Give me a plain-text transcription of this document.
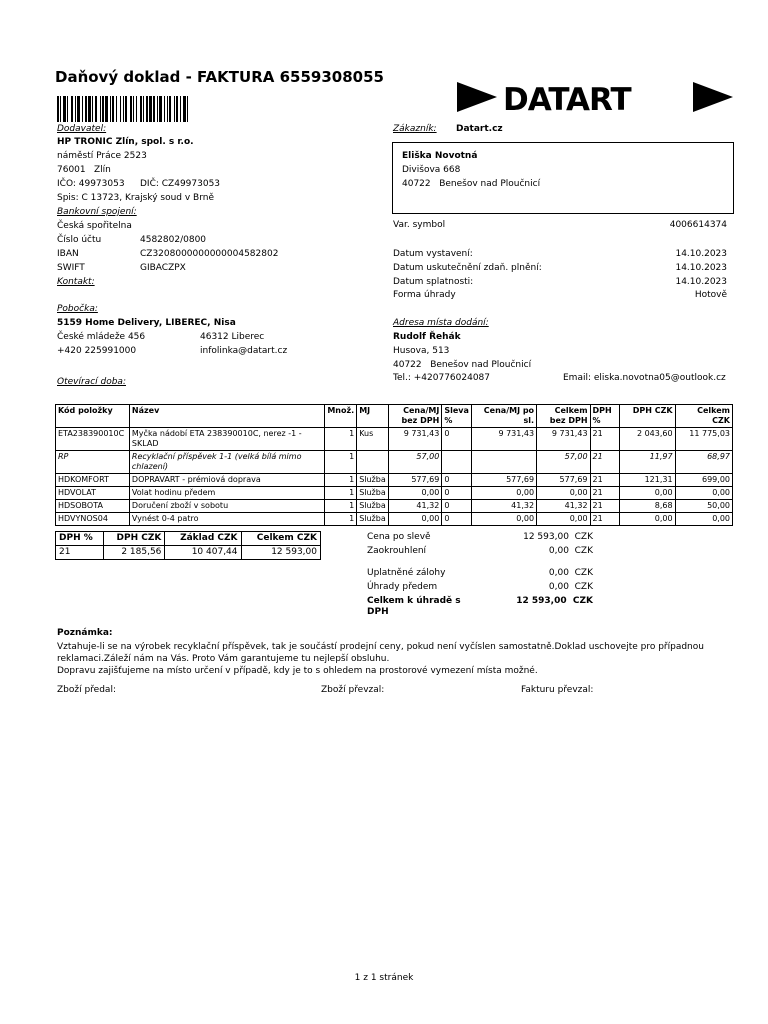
Daňový doklad - FAKTURA 6559308055
DATART
Dodavatel:
HP TRONIC Zlín, spol. s r.o.
náměstí Práce 2523
76001 Zlín
IČO: 49973053 DIČ: CZ49973053
Spis: C 13723, Krajský soud v Brně
Bankovní spojení:
Česká spořitelna
Číslo účtu	4582802/0800
IBAN	CZ3208000000000004582802
SWIFT	GIBACZPX
Kontakt:
Pobočka:
5159 Home Delivery, LIBEREC, Nisa
České mládeže 456	46312 Liberec
+420 225991000	infolinka@datart.cz
Otevírací doba:
Zákazník: Datart.cz
Eliška Novotná
Divišova 668
40722   Benešov nad Ploučnicí
Var. symbol	4006614374
Datum vystavení:	14.10.2023
Datum uskutečnění zdaň. plnění:	14.10.2023
Datum splatnosti:	14.10.2023
Forma úhrady	Hotově
Adresa místa dodání:
Rudolf Řehák
Husova, 513
40722   Benešov nad Ploučnicí
Tel.: +420776024087	Email: eliska.novotna05@outlook.cz
Kód položky	Název	Množ.	MJ	Cena/MJ bez DPH	Sleva %	Cena/MJ po sl.	Celkem bez DPH	DPH %	DPH CZK	Celkem CZK
ETA238390010C	Myčka nádobí ETA 238390010C, nerez -1 - SKLAD	1	Kus	9 731,43	0	9 731,43	9 731,43	21	2 043,60	11 775,03
RP	Recyklační příspěvek 1-1 (velká bílá mimo chlazení)	1		57,00			57,00	21	11,97	68,97
HDKOMFORT	DOPRAVART - prémiová doprava	1	Služba	577,69	0	577,69	577,69	21	121,31	699,00
HDVOLAT	Volat hodinu předem	1	Služba	0,00	0	0,00	0,00	21	0,00	0,00
HDSOBOTA	Doručení zboží v sobotu	1	Služba	41,32	0	41,32	41,32	21	8,68	50,00
HDVYNOS04	Vynést 0-4 patro	1	Služba	0,00	0	0,00	0,00	21	0,00	0,00
DPH %	DPH CZK	Základ CZK	Celkem CZK
21	2 185,56	10 407,44	12 593,00
Cena po slevě	12 593,00  CZK
Zaokrouhlení	0,00  CZK
Uplatněné zálohy	0,00  CZK
Úhrady předem	0,00  CZK
Celkem k úhradě s DPH
12 593,00  CZK
Poznámka:
Vztahuje-li se na výrobek recyklační příspěvek, tak je součástí prodejní ceny, pokud není vyčíslen samostatně.Doklad uschovejte pro případnou reklamaci.Záleží nám na Vás. Proto Vám garantujeme tu nejlepší obsluhu.
Dopravu zajišťujeme na místo určení v případě, kdy je to s ohledem na prostorové vymezení místa možné.
Zboží předal:	Zboží převzal:	Fakturu převzal:
1 z 1 stránek
